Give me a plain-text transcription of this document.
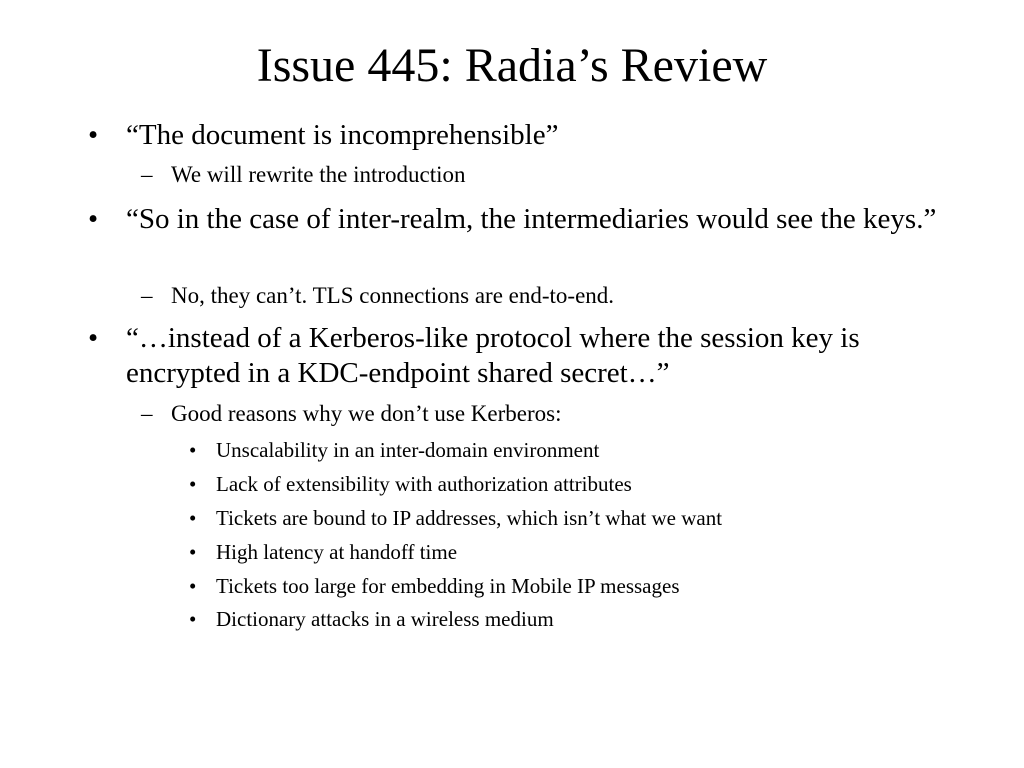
Issue 445: Radia’s Review
• “The document is incomprehensible”
– We will rewrite the introduction
• “So in the case of inter-realm, the intermediaries would see the keys.”
– No, they can’t. TLS connections are end-to-end.
• “…instead of a Kerberos-like protocol where the session key is encrypted in a KDC-endpoint shared secret…”
– Good reasons why we don’t use Kerberos:
• Unscalability in an inter-domain environment
• Lack of extensibility with authorization attributes
• Tickets are bound to IP addresses, which isn’t what we want
• High latency at handoff time
• Tickets too large for embedding in Mobile IP messages
• Dictionary attacks in a wireless medium
